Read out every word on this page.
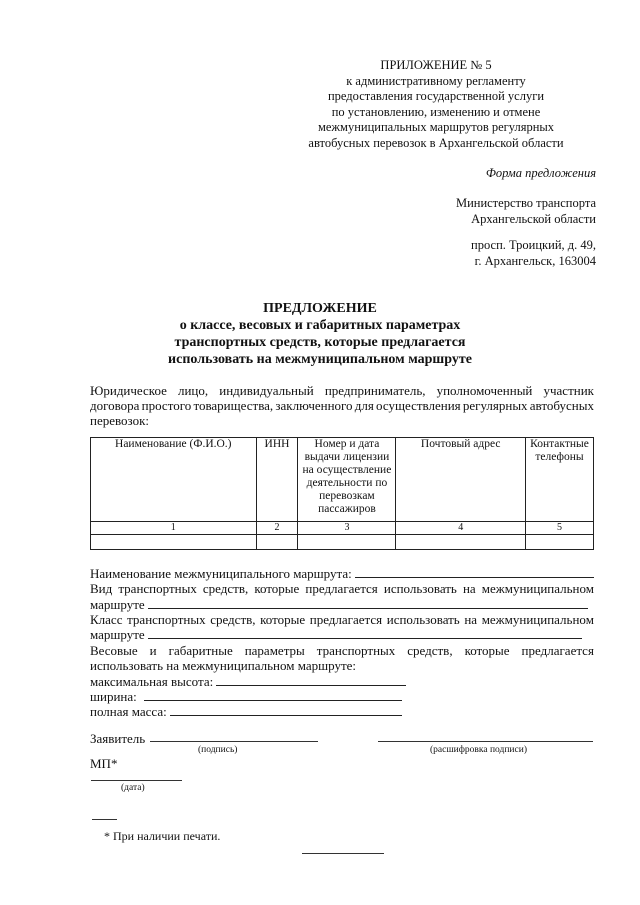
ПРИЛОЖЕНИЕ № 5
к административному регламенту
предоставления государственной услуги
по установлению, изменению и отмене
межмуниципальных маршрутов регулярных
автобусных перевозок в Архангельской области
Форма предложения
Министерство транспорта
Архангельской области
просп. Троицкий, д. 49,
г. Архангельск, 163004
ПРЕДЛОЖЕНИЕ
о классе, весовых и габаритных параметрах
транспортных средств, которые предлагается
использовать на межмуниципальном маршруте
Юридическое лицо, индивидуальный предприниматель, уполномоченный участник
договора простого товарищества, заключенного для осуществления регулярных автобусных
перевозок:
Наименование (Ф.И.О.)	ИНН	Номер и дата выдачи лицензии на осуществление деятельности по перевозкам пассажиров	Почтовый адрес	Контактные телефоны
1	2	3	4	5

Наименование межмуниципального маршрута:
Вид транспортных средств, которые предлагается использовать на межмуниципальном
маршруте
Класс транспортных средств, которые предлагается использовать на межмуниципальном
маршруте
Весовые и габаритные параметры транспортных средств, которые предлагается
использовать на межмуниципальном маршруте:
максимальная высота:
ширина:
полная масса:
Заявитель
(подпись)	(расшифровка подписи)
МП*
(дата)
* При наличии печати.
